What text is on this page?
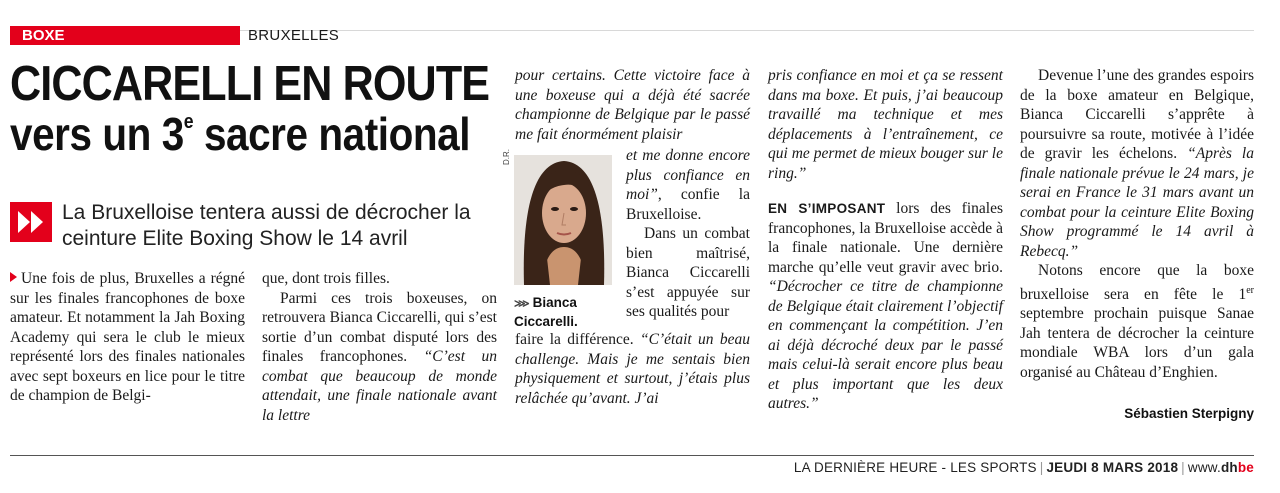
BOXE	BRUXELLES
CICCARELLI EN ROUTE
vers un 3e sacre national
La Bruxelloise tentera aussi de décrocher la ceinture Elite Boxing Show le 14 avril

Une fois de plus, Bruxelles a régné sur les finales francophones de boxe amateur. Et notamment la Jah Boxing Academy qui sera le club le mieux représenté lors des finales nationales avec sept boxeurs en lice pour le titre de champion de Belgi-

que, dont trois filles.

Parmi ces trois boxeuses, on retrouvera Bianca Ciccarelli, qui s’est sortie d’un combat disputé lors des finales francophones. “C’est un combat que beaucoup de monde attendait, une finale nationale avant la lettre

pour certains. Cette victoire face à une boxeuse qui a déjà été sacrée championne de Belgique par le passé me fait énormément plaisir

D.R.
⋙ Bianca Ciccarelli.

et me donne encore plus confiance en moi”, confie la Bruxelloise.

Dans un combat bien maîtrisé, Bianca Ciccarelli s’est appuyée sur ses qualités pour

faire la différence. “C’était un beau challenge. Mais je me sentais bien physiquement et surtout, j’étais plus relâchée qu’avant. J’ai

pris confiance en moi et ça se ressent dans ma boxe. Et puis, j’ai beaucoup travaillé ma technique et mes déplacements à l’entraînement, ce qui me permet de mieux bouger sur le ring.”

EN S’IMPOSANT lors des finales francophones, la Bruxelloise accède à la finale nationale. Une dernière marche qu’elle veut gravir avec brio. “Décrocher ce titre de championne de Belgique était clairement l’objectif en commençant la compétition. J’en ai déjà décroché deux par le passé mais celui-là serait encore plus beau et plus important que les deux autres.”

Devenue l’une des grandes espoirs de la boxe amateur en Belgique, Bianca Ciccarelli s’apprête à poursuivre sa route, motivée à l’idée de gravir les échelons. “Après la finale nationale prévue le 24 mars, je serai en France le 31 mars avant un combat pour la ceinture Elite Boxing Show programmé le 14 avril à Rebecq.”

Notons encore que la boxe bruxelloise sera en fête le 1er septembre prochain puisque Sanae Jah tentera de décrocher la ceinture mondiale WBA lors d’un gala organisé au Château d’Enghien.

Sébastien Sterpigny
LA DERNIÈRE HEURE - LES SPORTS | JEUDI 8 MARS 2018 | www.dhbe
